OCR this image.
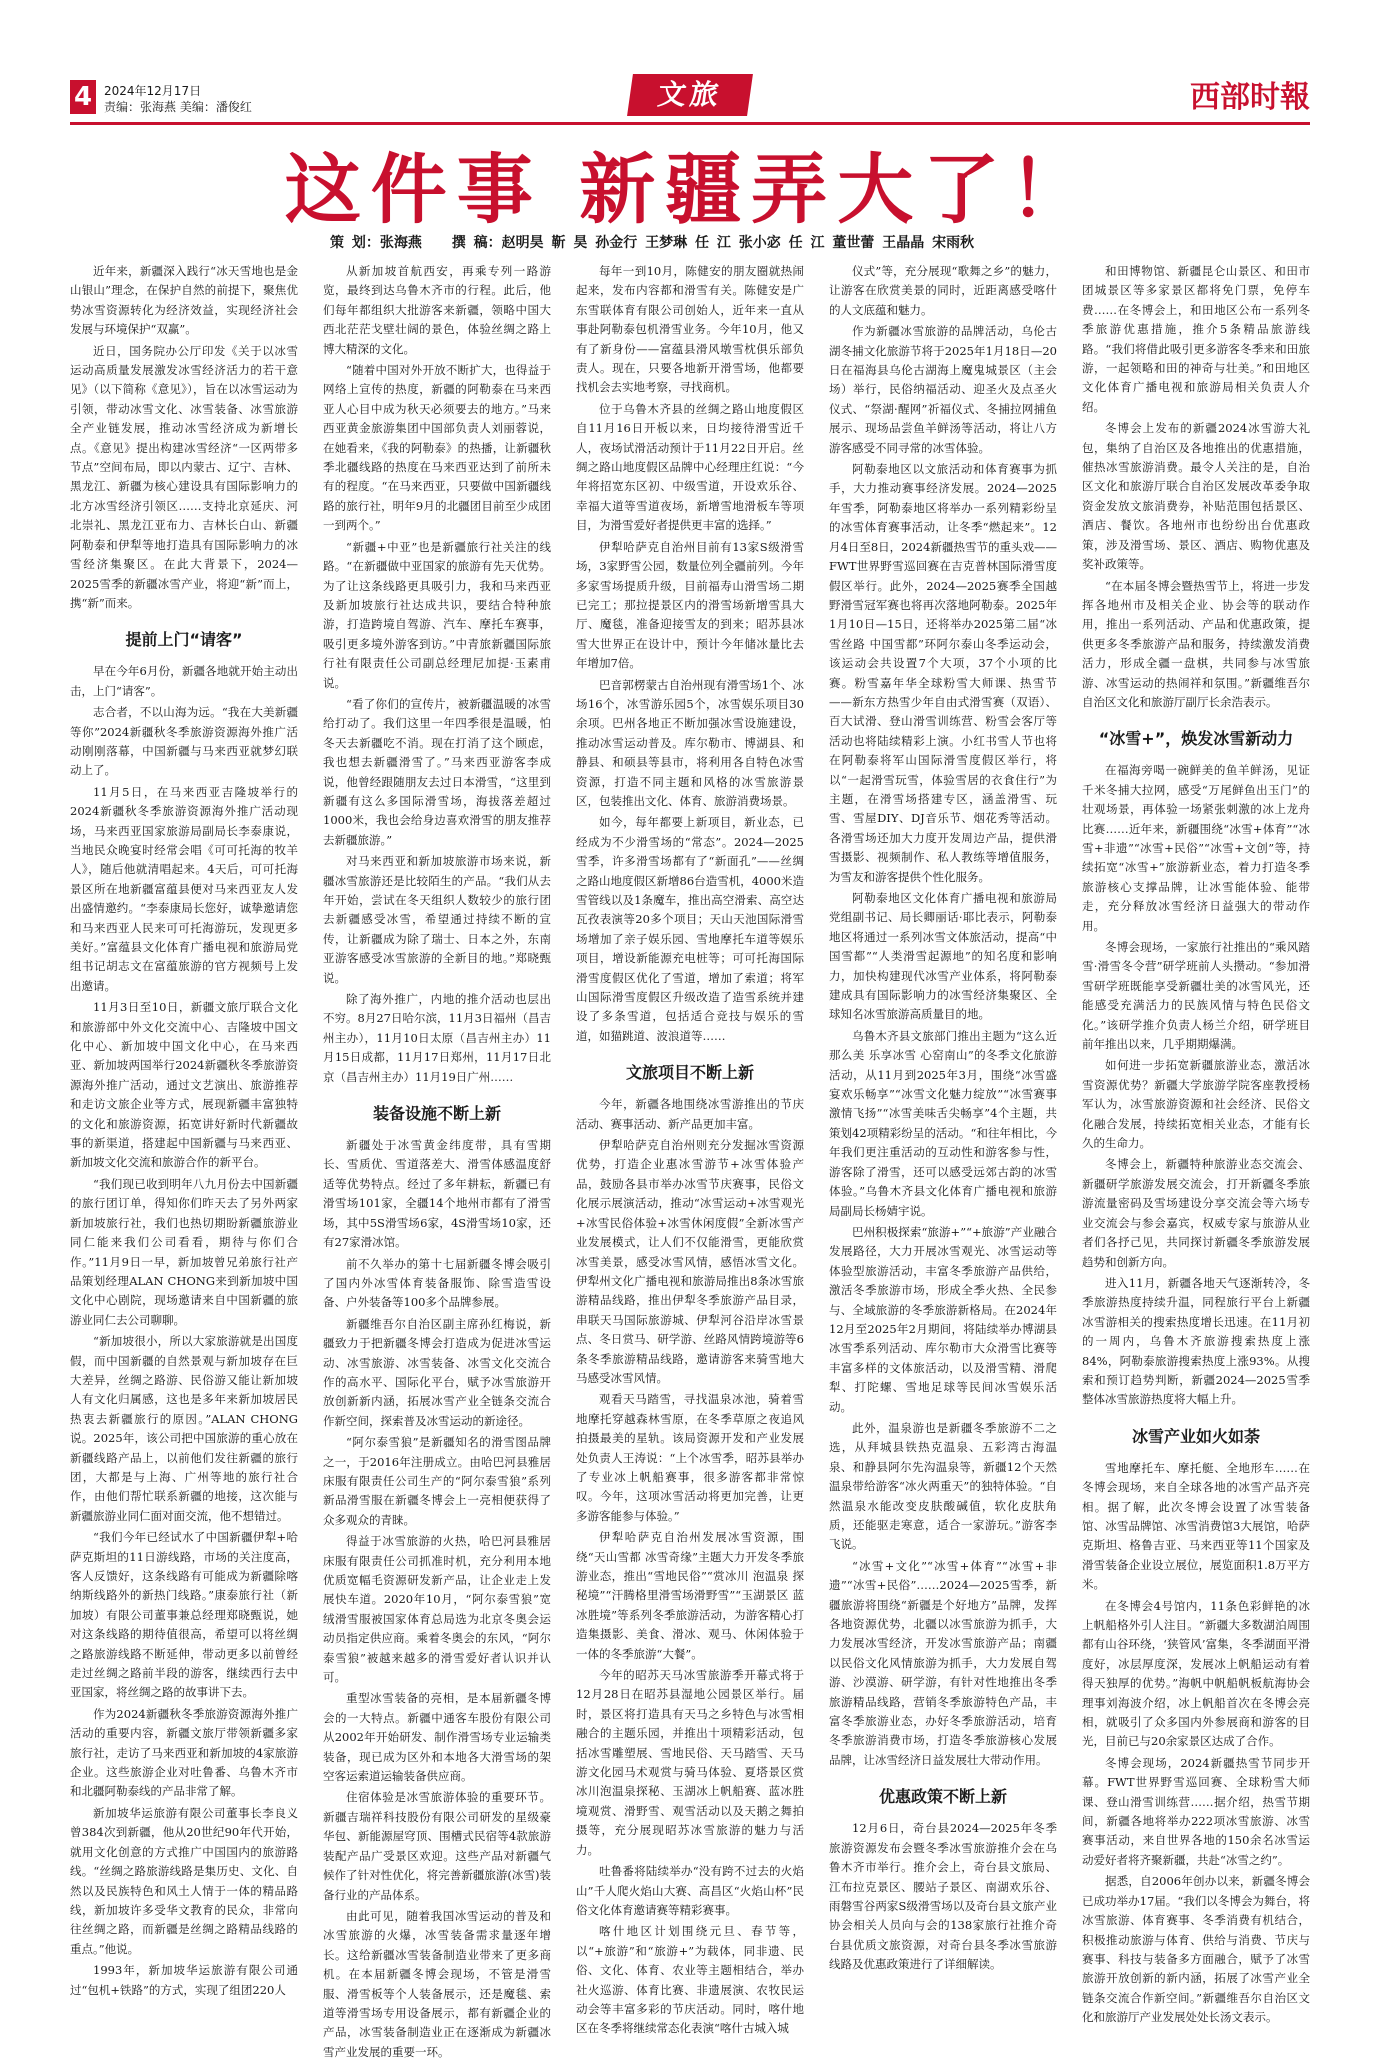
4 2024年12月17日
责编：张海燕 美编：潘俊红	文旅	西部时報
这件事 新疆弄大了！
策 划：张海燕 撰 稿：赵明昊 靳 昊 孙金行 王梦琳 任 江 张小宓 任 江 董世蕾 王晶晶 宋雨秋

近年来，新疆深入践行“冰天雪地也是金山银山”理念，在保护自然的前提下，聚焦优势冰雪资源转化为经济效益，实现经济社会发展与环境保护“双赢”。

近日，国务院办公厅印发《关于以冰雪运动高质量发展激发冰雪经济活力的若干意见》（以下简称《意见》），旨在以冰雪运动为引领，带动冰雪文化、冰雪装备、冰雪旅游全产业链发展，推动冰雪经济成为新增长点。《意见》提出构建冰雪经济“一区两带多节点”空间布局，即以内蒙古、辽宁、吉林、黑龙江、新疆为核心建设具有国际影响力的北方冰雪经济引领区……支持北京延庆、河北崇礼、黑龙江亚布力、吉林长白山、新疆阿勒泰和伊犁等地打造具有国际影响力的冰雪经济集聚区。在此大背景下，2024—2025雪季的新疆冰雪产业，将迎“新”而上，携“新”而来。

提前上门“请客”

早在今年6月份，新疆各地就开始主动出击，上门“请客”。

志合者，不以山海为远。“我在大美新疆等你”2024新疆秋冬季旅游资源海外推广活动刚刚落幕，中国新疆与马来西亚就梦幻联动上了。

11月5日，在马来西亚吉隆坡举行的2024新疆秋冬季旅游资源海外推广活动现场，马来西亚国家旅游局副局长李泰康说，当地民众晚宴时经常会唱《可可托海的牧羊人》，随后他就清唱起来。4天后，可可托海景区所在地新疆富蕴县便对马来西亚友人发出盛情邀约。“李泰康局长您好，诚挚邀请您和马来西亚人民来可可托海游玩，发现更多美好。”富蕴县文化体育广播电视和旅游局党组书记胡志文在富蕴旅游的官方视频号上发出邀请。

11月3日至10日，新疆文旅厅联合文化和旅游部中外文化交流中心、吉隆坡中国文化中心、新加坡中国文化中心，在马来西亚、新加坡两国举行2024新疆秋冬季旅游资源海外推广活动，通过文艺演出、旅游推荐和走访文旅企业等方式，展现新疆丰富独特的文化和旅游资源，拓宽讲好新时代新疆故事的新渠道，搭建起中国新疆与马来西亚、新加坡文化交流和旅游合作的新平台。

“我们现已收到明年八九月份去中国新疆的旅行团订单，得知你们昨天去了另外两家新加坡旅行社，我们也热切期盼新疆旅游业同仁能来我们公司看看，期待与你们合作。”11月9日一早，新加坡曾兄弟旅行社产品策划经理ALAN CHONG来到新加坡中国文化中心剧院，现场邀请来自中国新疆的旅游业同仁去公司聊聊。

“新加坡很小，所以大家旅游就是出国度假，而中国新疆的自然景观与新加坡存在巨大差异，丝绸之路游、民俗游又能让新加坡人有文化归属感，这也是多年来新加坡居民热衷去新疆旅行的原因。”ALAN CHONG说。2025年，该公司把中国旅游的重心放在新疆线路产品上，以前他们发往新疆的旅行团，大都是与上海、广州等地的旅行社合作，由他们帮忙联系新疆的地接，这次能与新疆旅游业同仁面对面交流，他不想错过。

“我们今年已经试水了中国新疆伊犁+哈萨克斯坦的11日游线路，市场的关注度高，客人反馈好，这条线路有可能成为新疆除喀纳斯线路外的新热门线路。”康泰旅行社（新加坡）有限公司董事兼总经理郑晓甄说，她对这条线路的期待值很高，希望可以将丝绸之路旅游线路不断延伸，带动更多以前曾经走过丝绸之路前半段的游客，继续西行去中亚国家，将丝绸之路的故事讲下去。

作为2024新疆秋冬季旅游资源海外推广活动的重要内容，新疆文旅厅带领新疆多家旅行社，走访了马来西亚和新加坡的4家旅游企业。这些旅游企业对吐鲁番、乌鲁木齐市和北疆阿勒泰线的产品非常了解。

新加坡华运旅游有限公司董事长李良义曾384次到新疆，他从20世纪90年代开始，就用文化创意的方式推广中国国内的旅游路线。“丝绸之路旅游线路是集历史、文化、自然以及民族特色和风土人情于一体的精品路线，新加坡许多受华文教育的民众，非常向往丝绸之路，而新疆是丝绸之路精品线路的重点。”他说。

1993年，新加坡华运旅游有限公司通过“包机+铁路”的方式，实现了组团220人

从新加坡首航西安，再乘专列一路游览，最终到达乌鲁木齐市的行程。此后，他们每年都组织大批游客来新疆，领略中国大西北茫茫戈壁壮阔的景色，体验丝绸之路上博大精深的文化。

“随着中国对外开放不断扩大，也得益于网络上宣传的热度，新疆的阿勒泰在马来西亚人心目中成为秋天必须要去的地方。”马来西亚黄金旅游集团中国部负责人刘丽蓉说，在她看来，《我的阿勒泰》的热播，让新疆秋季北疆线路的热度在马来西亚达到了前所未有的程度。“在马来西亚，只要做中国新疆线路的旅行社，明年9月的北疆团目前至少成团一到两个。”

“新疆+中亚”也是新疆旅行社关注的线路。“在新疆做中亚国家的旅游有先天优势。为了让这条线路更具吸引力，我和马来西亚及新加坡旅行社达成共识，要结合特种旅游，打造跨境自驾游、汽车、摩托车赛事，吸引更多境外游客到访。”中青旅新疆国际旅行社有限责任公司副总经理尼加提·玉素甫说。

“看了你们的宣传片，被新疆温暖的冰雪给打动了。我们这里一年四季很是温暖，怕冬天去新疆吃不消。现在打消了这个顾虑，我也想去新疆滑雪了。”马来西亚游客李成说，他曾经跟随朋友去过日本滑雪，“这里到新疆有这么多国际滑雪场，海拔落差超过1000米，我也会给身边喜欢滑雪的朋友推荐去新疆旅游。”

对马来西亚和新加坡旅游市场来说，新疆冰雪旅游还是比较陌生的产品。“我们从去年开始，尝试在冬天组织人数较少的旅行团去新疆感受冰雪，希望通过持续不断的宣传，让新疆成为除了瑞士、日本之外，东南亚游客感受冰雪旅游的全新目的地。”郑晓甄说。

除了海外推广，内地的推介活动也层出不穷。8月27日哈尔滨，11月3日福州（昌吉州主办），11月10日太原（昌吉州主办）11月15日成都，11月17日郑州，11月17日北京（昌吉州主办）11月19日广州……

装备设施不断上新

新疆处于冰雪黄金纬度带，具有雪期长、雪质优、雪道落差大、滑雪体感温度舒适等优势特点。经过了多年耕耘，新疆已有滑雪场101家，全疆14个地州市都有了滑雪场，其中5S滑雪场6家，4S滑雪场10家，还有27家滑冰馆。

前不久举办的第十七届新疆冬博会吸引了国内外冰雪体育装备服饰、除雪造雪设备、户外装备等100多个品牌参展。

新疆维吾尔自治区副主席孙红梅说，新疆致力于把新疆冬博会打造成为促进冰雪运动、冰雪旅游、冰雪装备、冰雪文化交流合作的高水平、国际化平台，赋予冰雪旅游开放创新新内涵，拓展冰雪产业全链条交流合作新空间，探索普及冰雪运动的新途径。

“阿尔泰雪狼”是新疆知名的滑雪图品牌之一，于2016年注册成立。由哈巴河县雅居床服有限责任公司生产的“阿尔泰雪狼”系列新品滑雪服在新疆冬博会上一亮相便获得了众多观众的青睐。

得益于冰雪旅游的火热，哈巴河县雅居床服有限责任公司抓准时机，充分利用本地优质宽幅毛资源研发新产品，让企业走上发展快车道。2020年10月，“阿尔泰雪狼”宽绒滑雪服被国家体育总局选为北京冬奥会运动员指定供应商。乘着冬奥会的东风，“阿尔泰雪狼”被越来越多的滑雪爱好者认识并认可。

重型冰雪装备的亮相，是本届新疆冬博会的一大特点。新疆中通客车股份有限公司从2002年开始研发、制作滑雪场专业运输类装备，现已成为区外和本地各大滑雪场的架空客运索道运输装备供应商。

住宿体验是冰雪旅游体验的重要环节。新疆吉瑞祥科技股份有限公司研发的星级豪华包、新能源屋穹顶、围槽式民宿等4款旅游装配产品广受景区欢迎。这些产品对新疆气候作了针对性优化，将完善新疆旅游(冰雪)装备行业的产品体系。

由此可见，随着我国冰雪运动的普及和冰雪旅游的火爆，冰雪装备需求量逐年增长。这给新疆冰雪装备制造业带来了更多商机。在本届新疆冬博会现场，不管是滑雪服、滑雪板等个人装备展示，还是魔毯、索道等滑雪场专用设备展示，都有新疆企业的产品，冰雪装备制造业正在逐渐成为新疆冰雪产业发展的重要一环。

每年一到10月，陈健安的朋友圈就热闹起来，发布内容都和滑雪有关。陈健安是广东雪联体育有限公司创始人，近年来一直从事赴阿勒泰包机滑雪业务。今年10月，他又有了新身份——富蕴县滑风墩雪枕俱乐部负责人。现在，只要各地新开滑雪场，他都要找机会去实地考察，寻找商机。

位于乌鲁木齐县的丝绸之路山地度假区自11月16日开板以来，日均接待滑雪近千人，夜场试滑活动预计于11月22日开启。丝绸之路山地度假区品牌中心经理庄红说：“今年将招宽东区初、中级雪道，开设欢乐谷、幸福大道等雪道夜场，新增雪地滑板车等项目，为滑雪爱好者提供更丰富的选择。”

伊犁哈萨克自治州目前有13家S级滑雪场，3家野雪公园，数量位列全疆前列。今年多家雪场提质升级，目前福寿山滑雪场二期已完工；那拉提景区内的滑雪场新增雪具大厅、魔毯，准备迎接雪友的到来；昭苏县冰雪大世界正在设计中，预计今年储冰量比去年增加7倍。

巴音郭楞蒙古自治州现有滑雪场1个、冰场16个，冰雪游乐园5个，冰雪娱乐项目30余项。巴州各地正不断加强冰雪设施建设，推动冰雪运动普及。库尔勒市、博湖县、和静县、和硕县等县市，将利用各自特色冰雪资源，打造不同主题和风格的冰雪旅游景区，包装推出文化、体育、旅游消费场景。

如今，每年都要上新项目，新业态，已经成为不少滑雪场的“常态”。2024—2025雪季，许多滑雪场都有了“新面孔”——丝绸之路山地度假区新增86台造雪机，4000米造雪管线以及1条魔车，推出高空滑索、高空达瓦孜表演等20多个项目；天山天池国际滑雪场增加了亲子娱乐园、雪地摩托车道等娱乐项目，增设新能源充电桩等；可可托海国际滑雪度假区优化了雪道，增加了索道；将军山国际滑雪度假区升级改造了造雪系统并建设了多条雪道，包括适合竞技与娱乐的雪道，如猫跳道、波浪道等……

文旅项目不断上新

今年，新疆各地围绕冰雪游推出的节庆活动、赛事活动、新产品更加丰富。

伊犁哈萨克自治州则充分发掘冰雪资源优势，打造企业惠冰雪游节+冰雪体验产品，鼓励各县市举办冰雪节庆赛事，民俗文化展示展演活动，推动“冰雪运动+冰雪观光+冰雪民俗体验+冰雪休闲度假”全新冰雪产业发展模式，让人们不仅能滑雪，更能欣赏冰雪美景，感受冰雪风情，感悟冰雪文化。伊犁州文化广播电视和旅游局推出8条冰雪旅游精品线路，推出伊犁冬季旅游产品目录，串联天马国际旅游城、伊犁河谷沿岸冰雪景点、冬日赏马、研学游、丝路风情跨境游等6条冬季旅游精品线路，邀请游客来骑雪地大马感受冰雪风情。

观看天马踏雪，寻找温泉冰池，骑着雪地摩托穿越森林雪原，在冬季草原之夜追风拍摄最美的星轨。该局资源开发和产业发展处负责人王涛说：“上个冰雪季，昭苏县举办了专业冰上帆船赛事，很多游客都非常惊叹。今年，这项冰雪活动将更加完善，让更多游客能参与体验。”

伊犁哈萨克自治州发展冰雪资源，围绕“天山雪都 冰雪奇缘”主题大力开发冬季旅游业态，推出“雪地民俗”“赏冰川 泡温泉 探秘境”“汗腾格里滑雪场滑野雪”“玉湖景区 蓝冰胜境”等系列冬季旅游活动，为游客精心打造集摄影、美食、滑冰、观马、休闲体验于一体的冬季旅游“大餐”。

今年的昭苏天马冰雪旅游季开幕式将于12月28日在昭苏县湿地公园景区举行。届时，景区将打造具有天马之乡特色与冰雪相融合的主题乐园，并推出十项精彩活动，包括冰雪雕塑展、雪地民俗、天马踏雪、天马游文化园马术观赏与骑马体验、夏塔景区赏冰川泡温泉探秘、玉湖冰上帆船赛、蓝冰胜境观赏、滑野雪、观雪活动以及天鹅之舞拍摄等，充分展现昭苏冰雪旅游的魅力与活力。

吐鲁番将陆续举办“没有跨不过去的火焰山”千人爬火焰山大赛、高昌区“火焰山杯”民俗文化体育邀请赛等精彩赛事。

喀什地区计划围绕元旦、春节等，以“+旅游”和“旅游+”为载体，同非遗、民俗、文化、体育、农业等主题相结合，举办社火巡游、体育比赛、非遗展演、农牧民运动会等丰富多彩的节庆活动。同时，喀什地区在冬季将继续常态化表演“喀什古城入城

仪式”等，充分展现“歌舞之乡”的魅力，让游客在欣赏美景的同时，近距离感受喀什的人文底蕴和魅力。

作为新疆冰雪旅游的品牌活动，乌伦古湖冬捕文化旅游节将于2025年1月18日—20日在福海县乌伦古湖海上魔鬼城景区（主会场）举行，民俗纳福活动、迎圣火及点圣火仪式、“祭湖·醒网”祈福仪式、冬捕拉网捕鱼展示、现场品尝鱼羊鲜汤等活动，将让八方游客感受不同寻常的冰雪体验。

阿勒泰地区以文旅活动和体育赛事为抓手，大力推动赛事经济发展。2024—2025年雪季，阿勒泰地区将举办一系列精彩纷呈的冰雪体育赛事活动，让冬季“燃起来”。12月4日至8日，2024新疆热雪节的重头戏——FWT世界野雪巡回赛在吉克普林国际滑雪度假区举行。此外，2024—2025赛季全国越野滑雪冠军赛也将再次落地阿勒泰。2025年1月10日—15日，还将举办2025第二届“冰雪丝路 中国雪都”环阿尔泰山冬季运动会，该运动会共设置7个大项，37个小项的比赛。粉雪嘉年华全球粉雪大师课、热雪节——新东方热雪少年自由式滑雪赛（双语）、百大试滑、登山滑雪训练营、粉雪会客厅等活动也将陆续精彩上演。小红书雪人节也将在阿勒泰将军山国际滑雪度假区举行，将以“一起滑雪玩雪，体验雪居的衣食住行”为主题，在滑雪场搭建专区，涵盖滑雪、玩雪、雪屋DIY、DJ音乐节、烟花秀等活动。各滑雪场还加大力度开发周边产品，提供滑雪摄影、视频制作、私人教练等增值服务，为雪友和游客提供个性化服务。

阿勒泰地区文化体育广播电视和旅游局党组副书记、局长卿丽话·耶比表示，阿勒泰地区将通过一系列冰雪文体旅活动，提高“中国雪都”“人类滑雪起源地”的知名度和影响力，加快构建现代冰雪产业体系，将阿勒泰建成具有国际影响力的冰雪经济集聚区、全球知名冰雪旅游高质量目的地。

乌鲁木齐县文旅部门推出主题为“这么近 那么美 乐享冰雪 心窑南山”的冬季文化旅游活动，从11月到2025年3月，围绕“冰雪盛宴欢乐畅享”“冰雪文化魅力绽放”“冰雪赛事激情飞扬”“冰雪美味舌尖畅享”4个主题，共策划42项精彩纷呈的活动。“和往年相比，今年我们更注重活动的互动性和游客参与性，游客除了滑雪，还可以感受远郊古韵的冰雪体验。”乌鲁木齐县文化体育广播电视和旅游局副局长杨婧宇说。

巴州积极探索“旅游+”“+旅游”产业融合发展路径，大力开展冰雪观光、冰雪运动等体验型旅游活动，丰富冬季旅游产品供给，激活冬季旅游市场，形成全季火热、全民参与、全域旅游的冬季旅游新格局。在2024年12月至2025年2月期间，将陆续举办博湖县冰雪季系列活动、库尔勒市大众滑雪比赛等丰富多样的文体旅活动，以及滑雪精、滑爬犁、打陀螺、雪地足球等民间冰雪娱乐活动。

此外，温泉游也是新疆冬季旅游不二之选，从拜城县铁热克温泉、五彩湾古海温泉、和静县阿尔先沟温泉等，新疆12个天然温泉带给游客“冰火两重天”的独特体验。“自然温泉水能改变皮肤酸碱值，软化皮肤角质，还能驱走寒意，适合一家游玩。”游客李飞说。

“冰雪+文化”“冰雪+体育”“冰雪+非遗”“冰雪+民俗”……2024—2025雪季，新疆旅游将围绕“新疆是个好地方”品牌，发挥各地资源优势，北疆以冰雪旅游为抓手，大力发展冰雪经济，开发冰雪旅游产品；南疆以民俗文化风情旅游为抓手，大力发展自驾游、沙漠游、研学游，有针对性地推出冬季旅游精品线路，营销冬季旅游特色产品，丰富冬季旅游业态，办好冬季旅游活动，培育冬季旅游消费市场，打造冬季旅游核心发展品牌，让冰雪经济日益发展壮大带动作用。

优惠政策不断上新

12月6日，奇台县2024—2025年冬季旅游资源发布会暨冬季冰雪旅游推介会在乌鲁木齐市举行。推介会上，奇台县文旅局、江布拉克景区、腰站子景区、南湖欢乐谷、雨磐雪谷两家S级滑雪场以及奇台县文旅产业协会相关人员向与会的138家旅行社推介奇台县优质文旅资源，对奇台县冬季冰雪旅游线路及优惠政策进行了详细解读。

和田博物馆、新疆昆仑山景区、和田市团城景区等多家景区都将免门票，免停车费……在冬博会上，和田地区公布一系列冬季旅游优惠措施，推介5条精品旅游线路。“我们将借此吸引更多游客冬季来和田旅游，一起领略和田的神奇与壮美。”和田地区文化体育广播电视和旅游局相关负责人介绍。

冬博会上发布的新疆2024冰雪游大礼包，集纳了自治区及各地推出的优惠措施，催热冰雪旅游消费。最令人关注的是，自治区文化和旅游厅联合自治区发展改革委争取资金发放文旅消费券，补贴范围包括景区、酒店、餐饮。各地州市也纷纷出台优惠政策，涉及滑雪场、景区、酒店、购物优惠及奖补政策等。

“在本届冬博会暨热雪节上，将进一步发挥各地州市及相关企业、协会等的联动作用，推出一系列活动、产品和优惠政策，提供更多冬季旅游产品和服务，持续激发消费活力，形成全疆一盘棋，共同参与冰雪旅游、冰雪运动的热闹祥和氛围。”新疆维吾尔自治区文化和旅游厅副厅长余浩表示。

“冰雪+”，焕发冰雪新动力

在福海旁喝一碗鲜美的鱼羊鲜汤，见证千米冬捕大拉网，感受“万尾鲜鱼出玉门”的壮观场景，再体验一场紧张刺激的冰上龙舟比赛……近年来，新疆围绕“冰雪+体育”“冰雪+非遗”“冰雪+民俗”“冰雪+文创”等，持续拓宽“冰雪+”旅游新业态，着力打造冬季旅游核心支撑品牌，让冰雪能体验、能带走，充分释放冰雪经济日益强大的带动作用。

冬博会现场，一家旅行社推出的“乘风踏雪·滑雪冬令营”研学班前人头攒动。“参加滑雪研学班既能享受新疆壮美的冰雪风光，还能感受充满活力的民族风情与特色民俗文化。”该研学推介负责人杨兰介绍，研学班目前年推出以来，几乎期期爆满。

如何进一步拓宽新疆旅游业态，激活冰雪资源优势？新疆大学旅游学院客座教授杨军认为，冰雪旅游资源和社会经济、民俗文化融合发展，持续拓宽相关业态，才能有长久的生命力。

冬博会上，新疆特种旅游业态交流会、新疆研学旅游发展交流会，打开新疆冬季旅游流量密码及雪场建设分享交流会等六场专业交流会与参会嘉宾，权威专家与旅游从业者们各抒己见，共同探讨新疆冬季旅游发展趋势和创新方向。

进入11月，新疆各地天气逐渐转冷，冬季旅游热度持续升温，同程旅行平台上新疆冰雪游相关的搜索热度增长迅速。在11月初的一周内，乌鲁木齐旅游搜索热度上涨84%，阿勒泰旅游搜索热度上涨93%。从搜索和预订趋势判断，新疆2024—2025雪季整体冰雪旅游热度将大幅上升。

冰雪产业如火如荼

雪地摩托车、摩托艇、全地形车……在冬博会现场，来自全球各地的冰雪产品齐亮相。据了解，此次冬博会设置了冰雪装备馆、冰雪品牌馆、冰雪消费馆3大展馆，哈萨克斯坦、格鲁吉亚、马来西亚等11个国家及滑雪装备企业设立展位，展览面积1.8万平方米。

在冬博会4号馆内，11条色彩鲜艳的冰上帆船格外引人注目。“新疆大多数湖泊周围都有山谷环绕，‘狭管风’富集，冬季湖面平滑度好，冰层厚度深，发展冰上帆船运动有着得天独厚的优势。”海帆中帆船帆板航海协会理事刘海波介绍，冰上帆船首次在冬博会亮相，就吸引了众多国内外参展商和游客的目光，目前已与20余家景区达成了合作。

冬博会现场，2024新疆热雪节同步开幕。FWT世界野雪巡回赛、全球粉雪大师课、登山滑雪训练营……据介绍，热雪节期间，新疆各地将举办222项冰雪旅游、冰雪赛事活动，来自世界各地的150余名冰雪运动爱好者将齐聚新疆，共赴“冰雪之约”。

据悉，自2006年创办以来，新疆冬博会已成功举办17届。“我们以冬博会为舞台，将冰雪旅游、体育赛事、冬季消费有机结合，积极推动旅游与体育、供给与消费、节庆与赛事、科技与装备多方面融合，赋予了冰雪旅游开放创新的新内涵，拓展了冰雪产业全链条交流合作新空间。”新疆维吾尔自治区文化和旅游厅产业发展处处长汤文表示。
